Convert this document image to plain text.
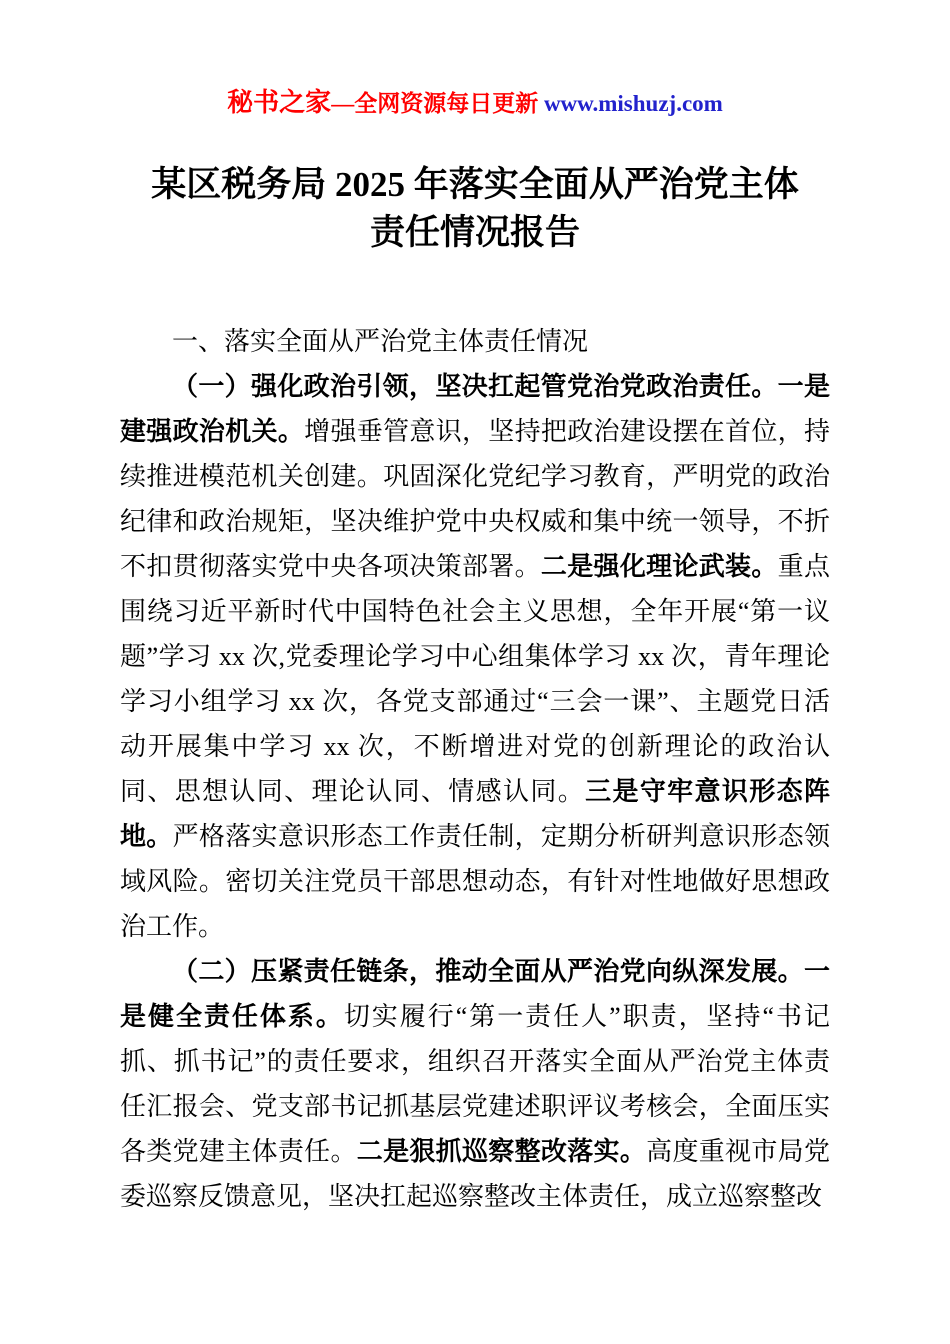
秘书之家—全网资源每日更新 www.mishuzj.com
某区税务局 2025 年落实全面从严治党主体
责任情况报告

一、落实全面从严治党主体责任情况

（一）强化政治引领，坚决扛起管党治党政治责任。一是建强政治机关。增强垂管意识，坚持把政治建设摆在首位，持续推进模范机关创建。巩固深化党纪学习教育，严明党的政治纪律和政治规矩，坚决维护党中央权威和集中统一领导，不折不扣贯彻落实党中央各项决策部署。二是强化理论武装。重点围绕习近平新时代中国特色社会主义思想，全年开展“第一议题”学习 xx 次,党委理论学习中心组集体学习 xx 次，青年理论学习小组学习 xx 次，各党支部通过“三会一课”、主题党日活动开展集中学习 xx 次，不断增进对党的创新理论的政治认同、思想认同、理论认同、情感认同。三是守牢意识形态阵地。严格落实意识形态工作责任制，定期分析研判意识形态领域风险。密切关注党员干部思想动态，有针对性地做好思想政治工作。

（二）压紧责任链条，推动全面从严治党向纵深发展。一是健全责任体系。切实履行“第一责任人”职责，坚持“书记抓、抓书记”的责任要求，组织召开落实全面从严治党主体责任汇报会、党支部书记抓基层党建述职评议考核会，全面压实各类党建主体责任。二是狠抓巡察整改落实。高度重视市局党委巡察反馈意见，坚决扛起巡察整改主体责任，成立巡察整改
